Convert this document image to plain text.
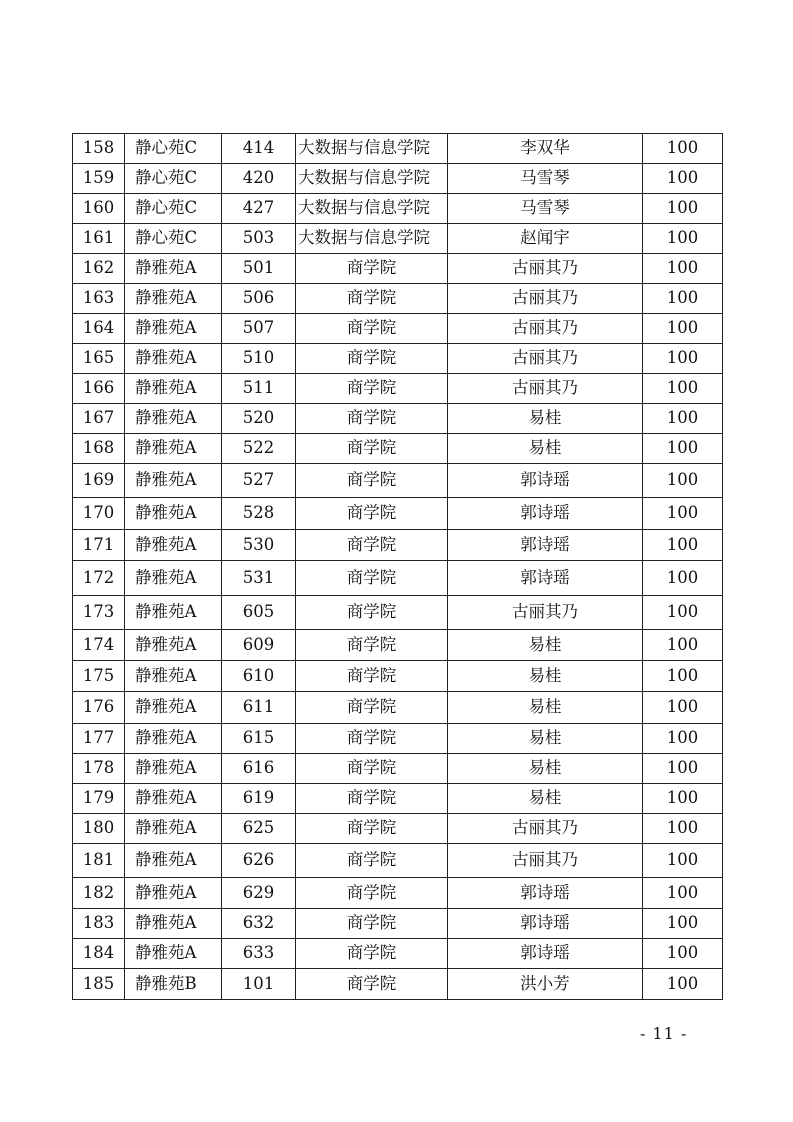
158	静心苑C	414	大数据与信息学院	李双华	100
159	静心苑C	420	大数据与信息学院	马雪琴	100
160	静心苑C	427	大数据与信息学院	马雪琴	100
161	静心苑C	503	大数据与信息学院	赵闻宇	100
162	静雅苑A	501	商学院	古丽其乃	100
163	静雅苑A	506	商学院	古丽其乃	100
164	静雅苑A	507	商学院	古丽其乃	100
165	静雅苑A	510	商学院	古丽其乃	100
166	静雅苑A	511	商学院	古丽其乃	100
167	静雅苑A	520	商学院	易桂	100
168	静雅苑A	522	商学院	易桂	100
169	静雅苑A	527	商学院	郭诗瑶	100
170	静雅苑A	528	商学院	郭诗瑶	100
171	静雅苑A	530	商学院	郭诗瑶	100
172	静雅苑A	531	商学院	郭诗瑶	100
173	静雅苑A	605	商学院	古丽其乃	100
174	静雅苑A	609	商学院	易桂	100
175	静雅苑A	610	商学院	易桂	100
176	静雅苑A	611	商学院	易桂	100
177	静雅苑A	615	商学院	易桂	100
178	静雅苑A	616	商学院	易桂	100
179	静雅苑A	619	商学院	易桂	100
180	静雅苑A	625	商学院	古丽其乃	100
181	静雅苑A	626	商学院	古丽其乃	100
182	静雅苑A	629	商学院	郭诗瑶	100
183	静雅苑A	632	商学院	郭诗瑶	100
184	静雅苑A	633	商学院	郭诗瑶	100
185	静雅苑B	101	商学院	洪小芳	100
- 11 -
